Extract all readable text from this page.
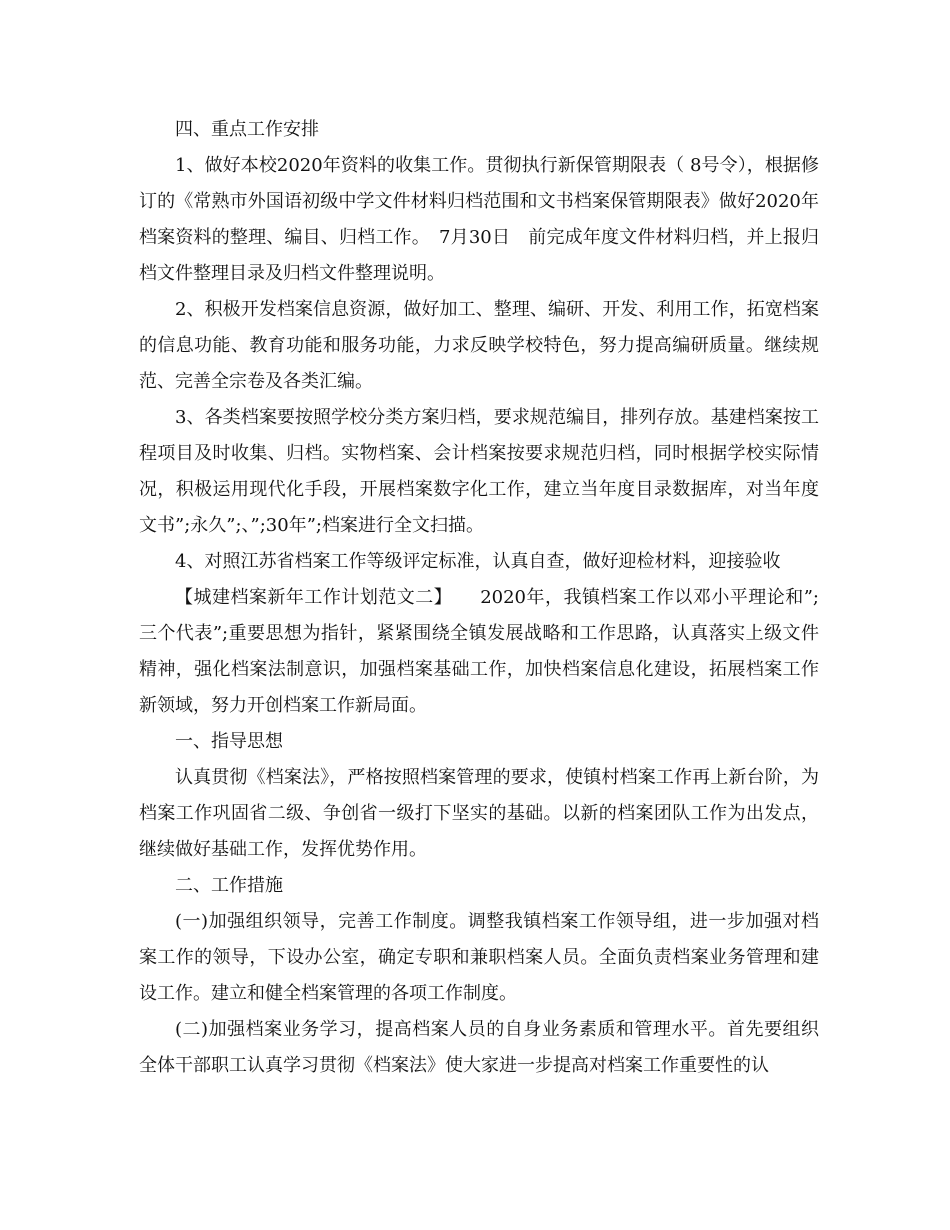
四、重点工作安排

1、做好本校2020年资料的收集工作。贯彻执行新保管期限表（ 8号令），根据修订的《常熟市外国语初级中学文件材料归档范围和文书档案保管期限表》做好2020年档案资料的整理、编目、归档工作。　7月30日　前完成年度文件材料归档，并上报归档文件整理目录及归档文件整理说明。

2、积极开发档案信息资源，做好加工、整理、编研、开发、利用工作，拓宽档案的信息功能、教育功能和服务功能，力求反映学校特色，努力提高编研质量。继续规范、完善全宗卷及各类汇编。

3、各类档案要按照学校分类方案归档，要求规范编目，排列存放。基建档案按工程项目及时收集、归档。实物档案、会计档案按要求规范归档，同时根据学校实际情况，积极运用现代化手段，开展档案数字化工作，建立当年度目录数据库，对当年度文书”;永久”;、”;30年”;档案进行全文扫描。

4、对照江苏省档案工作等级评定标准，认真自查，做好迎检材料，迎接验收

【城建档案新年工作计划范文二】　　2020年，我镇档案工作以邓小平理论和”;三个代表”;重要思想为指针，紧紧围绕全镇发展战略和工作思路，认真落实上级文件精神，强化档案法制意识，加强档案基础工作，加快档案信息化建设，拓展档案工作新领域，努力开创档案工作新局面。

一、指导思想

认真贯彻《档案法》，严格按照档案管理的要求，使镇村档案工作再上新台阶，为档案工作巩固省二级、争创省一级打下坚实的基础。以新的档案团队工作为出发点，继续做好基础工作，发挥优势作用。

二、工作措施

(一)加强组织领导，完善工作制度。调整我镇档案工作领导组，进一步加强对档案工作的领导，下设办公室，确定专职和兼职档案人员。全面负责档案业务管理和建设工作。建立和健全档案管理的各项工作制度。

(二)加强档案业务学习，提高档案人员的自身业务素质和管理水平。首先要组织全体干部职工认真学习贯彻《档案法》使大家进一步提高对档案工作重要性的认
